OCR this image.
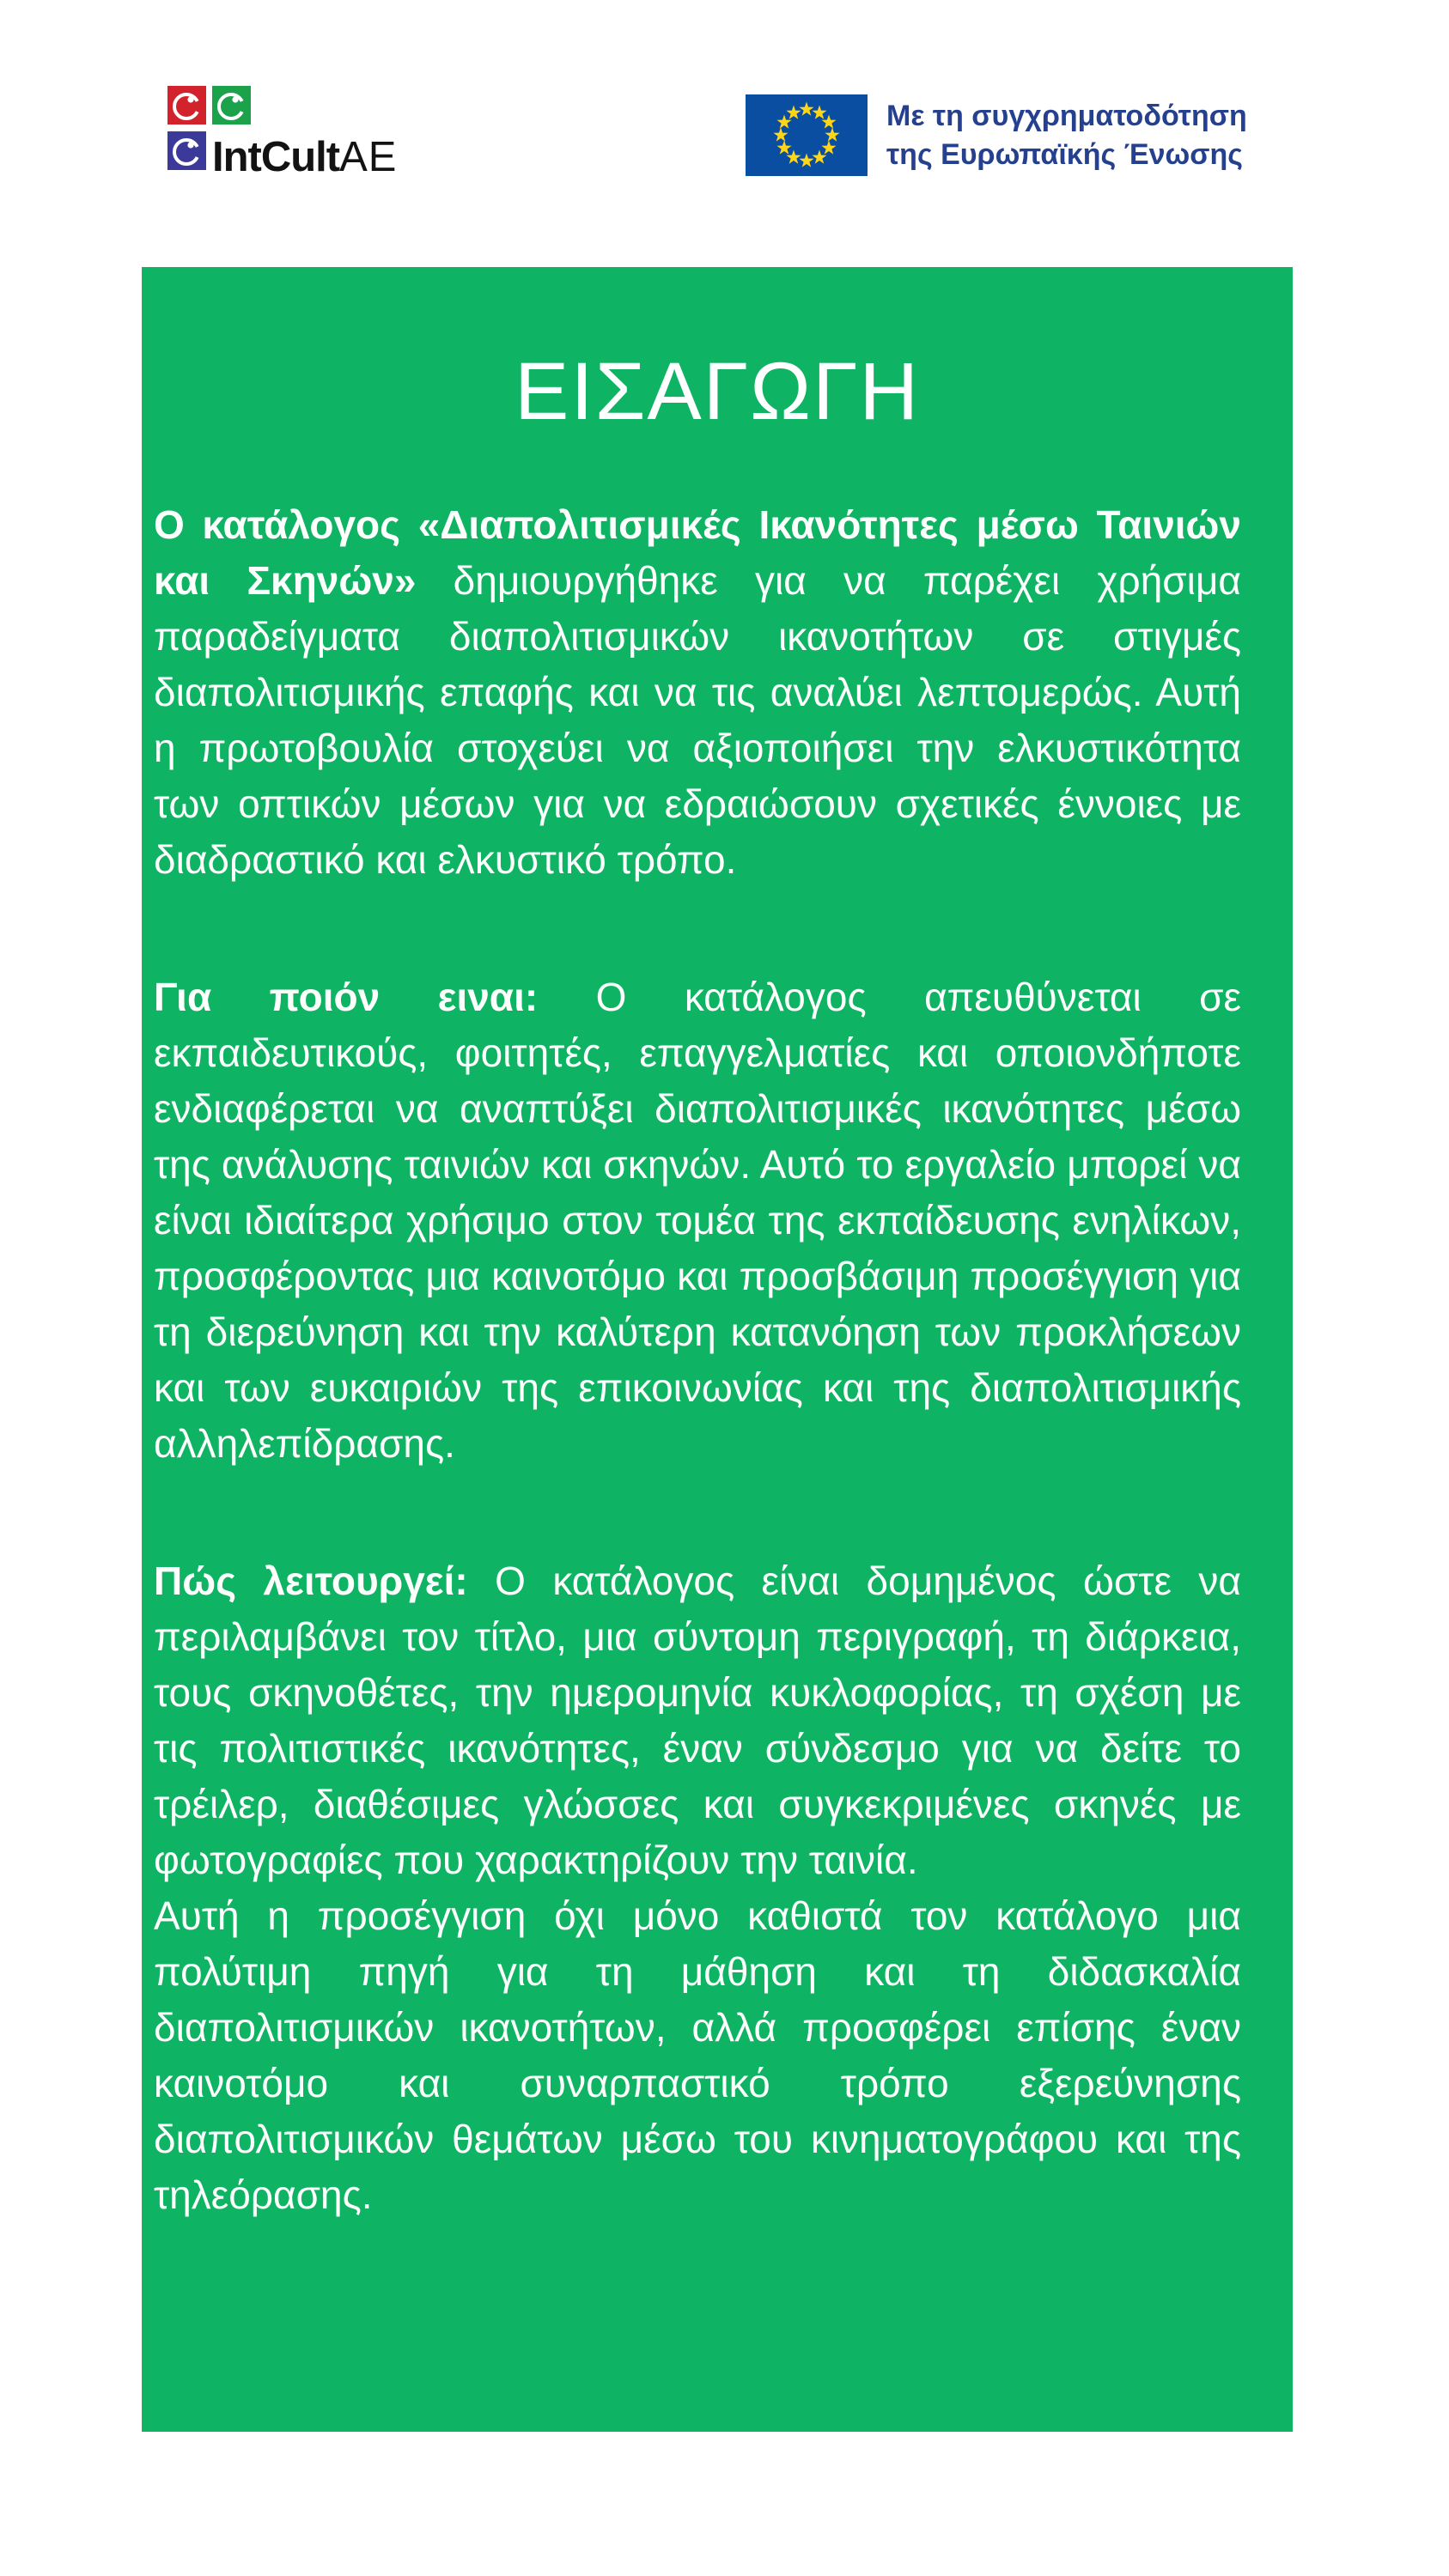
IntCult AE
Με τη συγχρηματοδότηση
της Ευρωπαϊκής Ένωσης
ΕΙΣΑΓΩΓΗ

Ο κατάλογος «Διαπολιτισμικές Ικανότητες μέσω Ταινιών και Σκηνών» δημιουργήθηκε για να παρέχει χρήσιμα παραδείγματα διαπολιτισμικών ικανοτήτων σε στιγμές διαπολιτισμικής επαφής και να τις αναλύει λεπτομερώς. Αυτή η πρωτοβουλία στοχεύει να αξιοποιήσει την ελκυστικότητα των οπτικών μέσων για να εδραιώσουν σχετικές έννοιες με διαδραστικό και ελκυστικό τρόπο.

Για ποιόν ειναι: Ο κατάλογος απευθύνεται σε εκπαιδευτικούς, φοιτητές, επαγγελματίες και οποιονδήποτε ενδιαφέρεται να αναπτύξει διαπολιτισμικές ικανότητες μέσω της ανάλυσης ταινιών και σκηνών. Αυτό το εργαλείο μπορεί να είναι ιδιαίτερα χρήσιμο στον τομέα της εκπαίδευσης ενηλίκων, προσφέροντας μια καινοτόμο και προσβάσιμη προσέγγιση για τη διερεύνηση και την καλύτερη κατανόηση των προκλήσεων και των ευκαιριών της επικοινωνίας και της διαπολιτισμικής αλληλεπίδρασης.

Πώς λειτουργεί: Ο κατάλογος είναι δομημένος ώστε να περιλαμβάνει τον τίτλο, μια σύντομη περιγραφή, τη διάρκεια, τους σκηνοθέτες, την ημερομηνία κυκλοφορίας, τη σχέση με τις πολιτιστικές ικανότητες, έναν σύνδεσμο για να δείτε το τρέιλερ, διαθέσιμες γλώσσες και συγκεκριμένες σκηνές με φωτογραφίες που χαρακτηρίζουν την ταινία.

Αυτή η προσέγγιση όχι μόνο καθιστά τον κατάλογο μια πολύτιμη πηγή για τη μάθηση και τη διδασκαλία διαπολιτισμικών ικανοτήτων, αλλά προσφέρει επίσης έναν καινοτόμο και συναρπαστικό τρόπο εξερεύνησης διαπολιτισμικών θεμάτων μέσω του κινηματογράφου και της τηλεόρασης.
